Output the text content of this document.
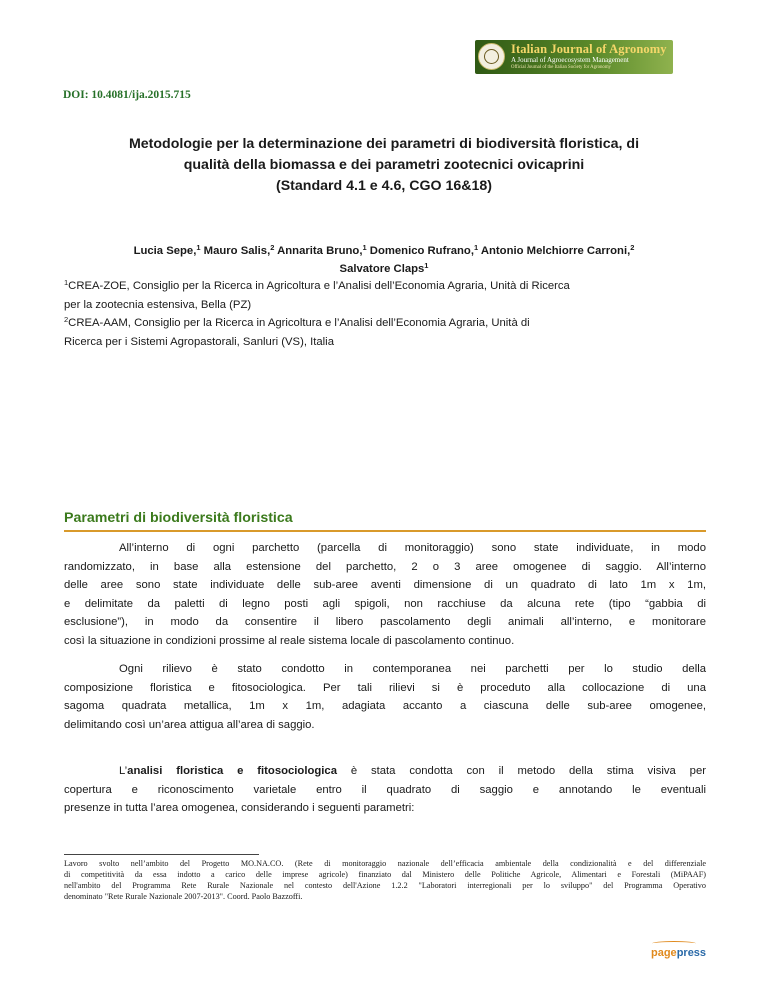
Italian Journal of Agronomy
A Journal of Agroecosystem Management
Official Journal of the Italian Society for Agronomy
DOI: 10.4081/ija.2015.715
Metodologie per la determinazione dei parametri di biodiversità floristica, di
qualità della biomassa e dei parametri zootecnici ovicaprini
(Standard 4.1 e 4.6, CGO 16&18)
Lucia Sepe,$^1$ Mauro Salis,$^2$ Annarita Bruno,$^1$ Domenico Rufrano,$^1$ Antonio Melchiorre Carroni,$^2$
Salvatore Claps$^1$
$^1$CREA-ZOE, Consiglio per la Ricerca in Agricoltura e l’Analisi dell’Economia Agraria, Unità di Ricerca
per la zootecnia estensiva, Bella (PZ)
$^2$CREA-AAM, Consiglio per la Ricerca in Agricoltura e l’Analisi dell’Economia Agraria, Unità di
Ricerca per i Sistemi Agropastorali, Sanluri (VS), Italia
Parametri di biodiversità floristica
All’interno di ogni parchetto (parcella di monitoraggio) sono state individuate, in modo
randomizzato, in base alla estensione del parchetto, 2 o 3 aree omogenee di saggio. All’interno
delle aree sono state individuate delle sub-aree aventi dimensione di un quadrato di lato 1m x 1m,
e delimitate da paletti di legno posti agli spigoli, non racchiuse da alcuna rete (tipo “gabbia di
esclusione”), in modo da consentire il libero pascolamento degli animali all’interno, e monitorare
così la situazione in condizioni prossime al reale sistema locale di pascolamento continuo.
Ogni rilievo è stato condotto in contemporanea nei parchetti per lo studio della
composizione floristica e fitosociologica. Per tali rilievi si è proceduto alla collocazione di una
sagoma quadrata metallica, 1m x 1m, adagiata accanto a ciascuna delle sub-aree omogenee,
delimitando così un’area attigua all’area di saggio.
L’analisi floristica e fitosociologica è stata condotta con il metodo della stima visiva per
copertura e riconoscimento varietale entro il quadrato di saggio e annotando le eventuali
presenze in tutta l’area omogenea, considerando i seguenti parametri:
Lavoro svolto nell’ambito del Progetto MO.NA.CO. (Rete di monitoraggio nazionale dell’efficacia ambientale della condizionalità e del differenziale
di competitività da essa indotto a carico delle imprese agricole) finanziato dal Ministero delle Politiche Agricole, Alimentari e Forestali (MiPAAF)
nell'ambito del Programma Rete Rurale Nazionale nel contesto dell'Azione 1.2.2 "Laboratori interregionali per lo sviluppo" del Programma Operativo
denominato "Rete Rurale Nazionale 2007-2013". Coord. Paolo Bazzoffi.
pagepress
